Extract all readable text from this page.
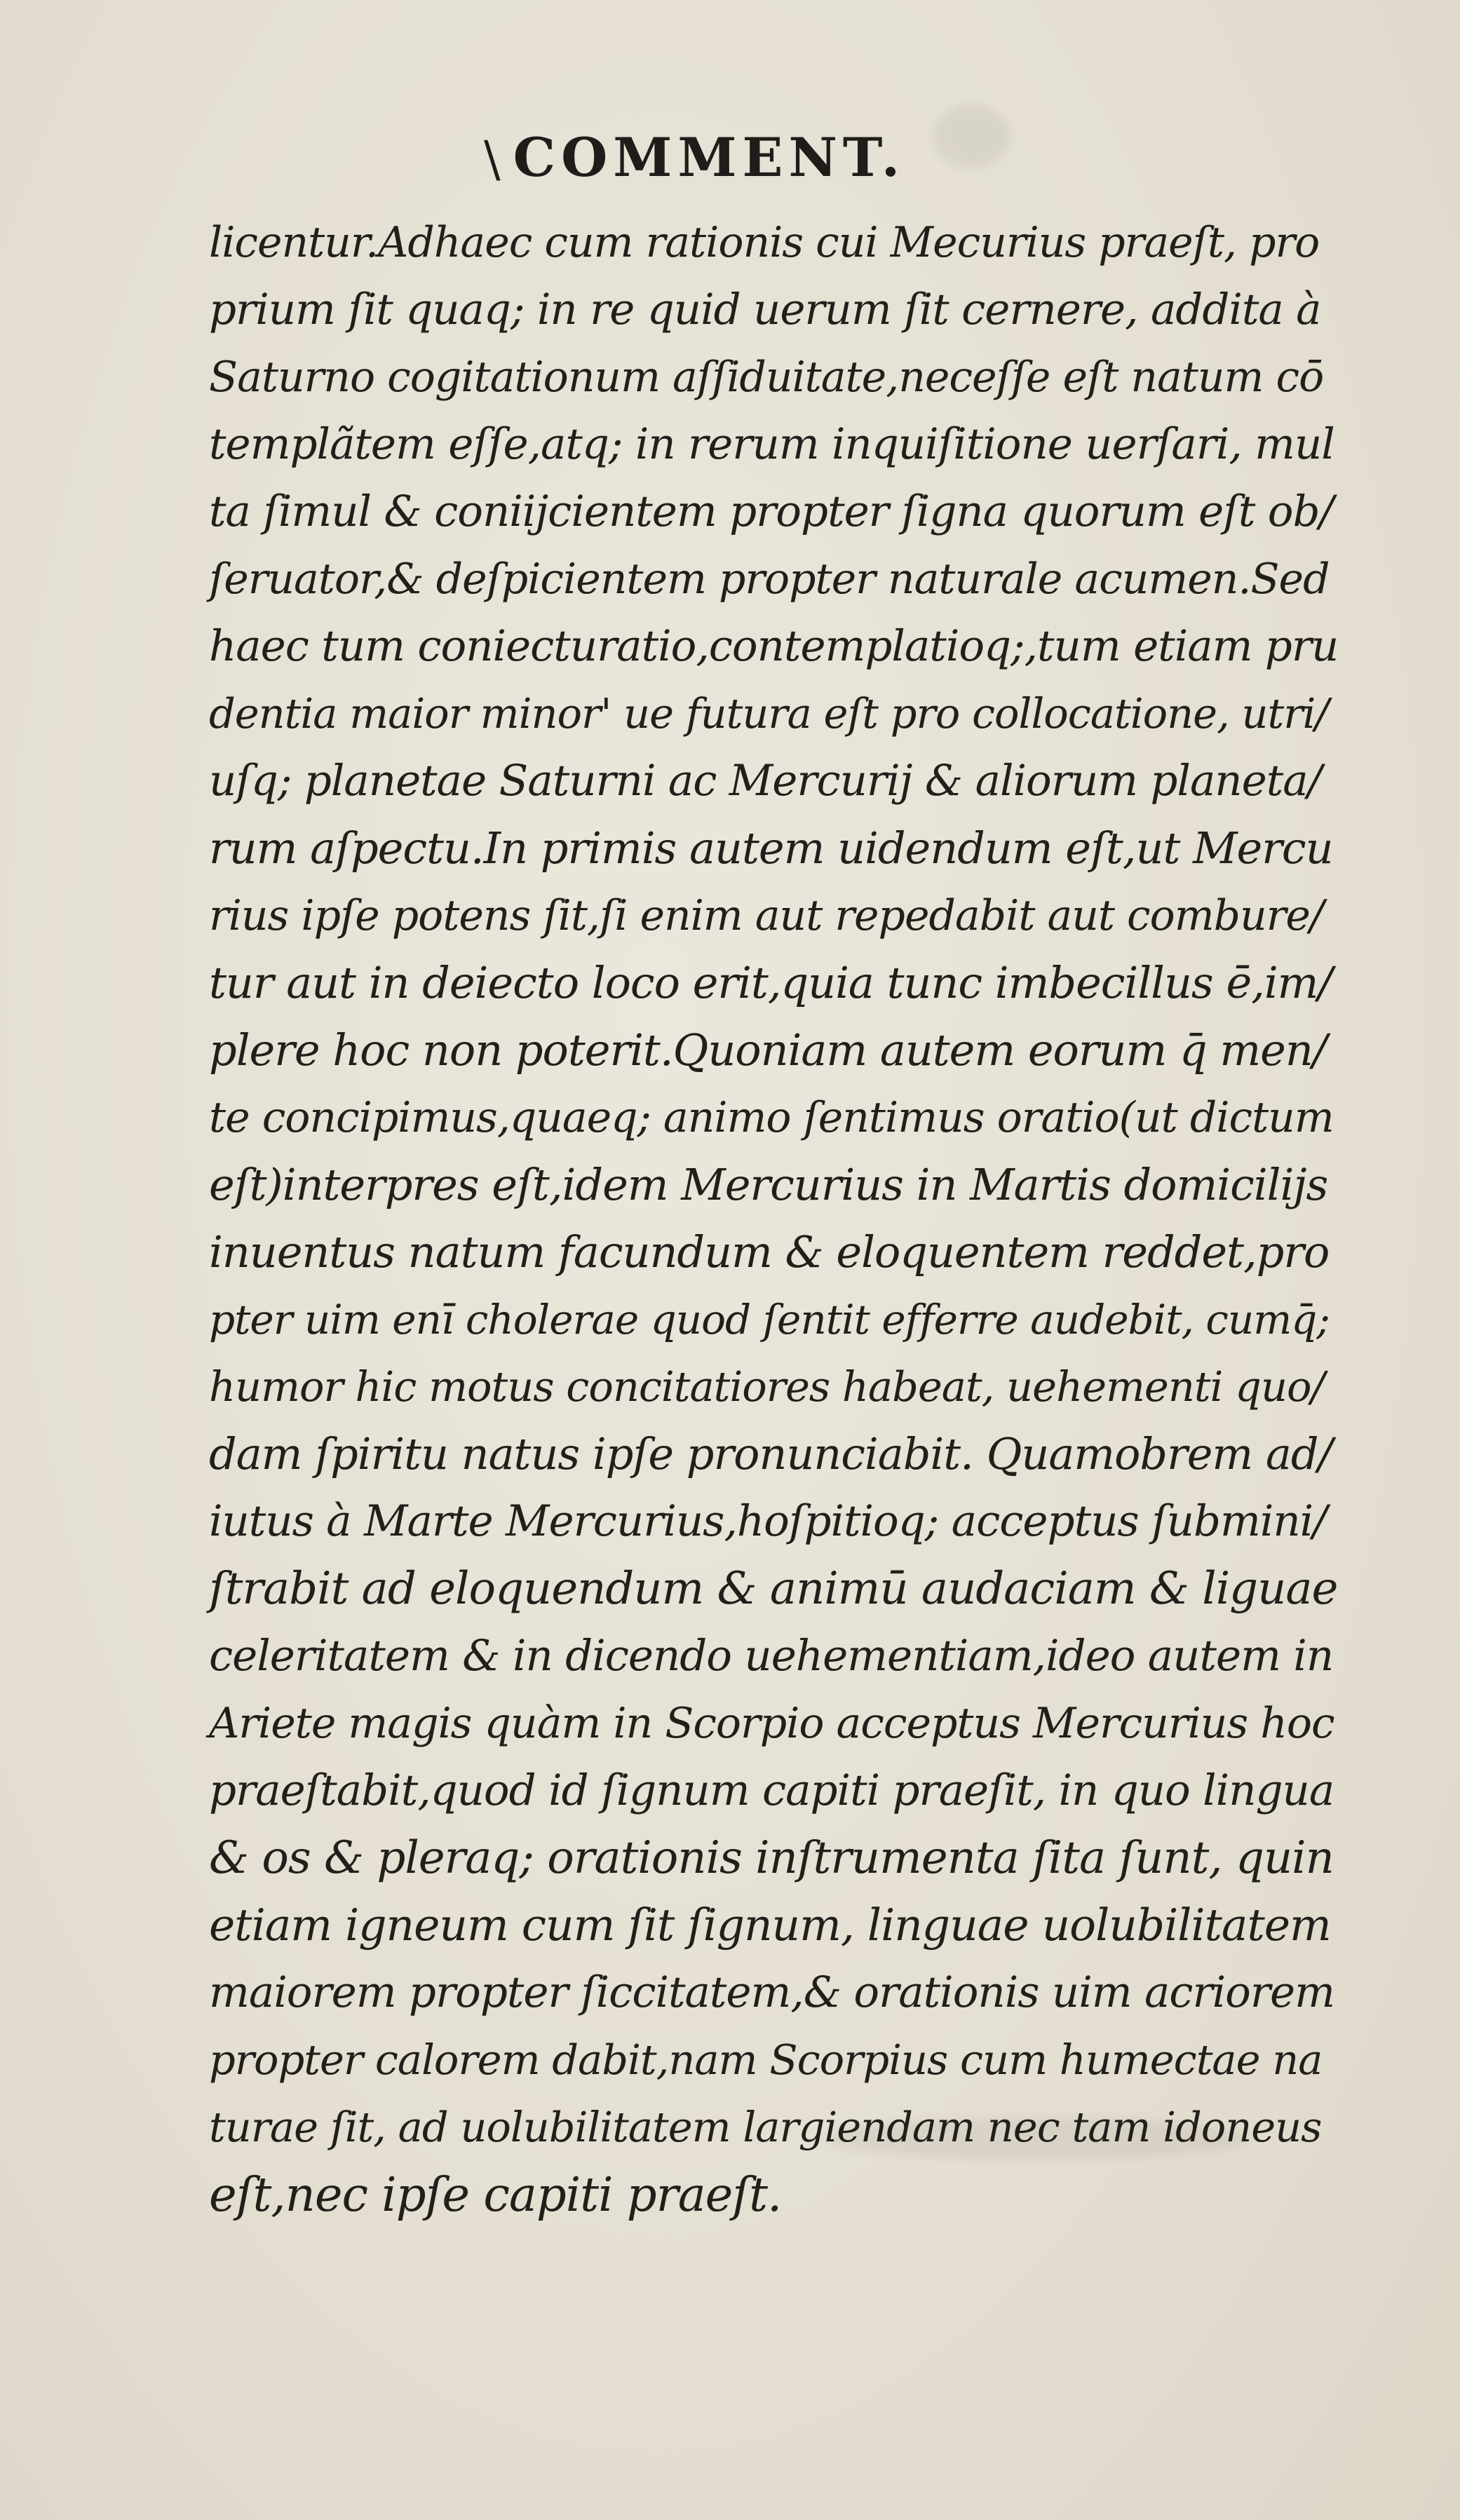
\ COMMENT.
licentur.Adhaec cum rationis cui Mecurius praeſt, pro
prium ſit quaq; in re quid uerum ſit cernere, addita à
Saturno cogitationum aſſiduitate,neceſſe eſt natum cō
templãtem eſſe,atq; in rerum inquiſitione uerſari, mul
ta ſimul & coniijcientem propter ſigna quorum eſt ob/
ſeruator,& deſpicientem propter naturale acumen.Sed
haec tum coniecturatio,contemplatioq;,tum etiam pru
dentia maior minor' ue futura eſt pro collocatione, utri/
uſq; planetae Saturni ac Mercurij & aliorum planeta/
rum aſpectu.In primis autem uidendum eſt,ut Mercu
rius ipſe potens ſit,ſi enim aut repedabit aut combure/
tur aut in deiecto loco erit,quia tunc imbecillus ē,im/
plere hoc non poterit.Quoniam autem eorum q̄ men/
te concipimus,quaeq; animo ſentimus oratio(ut dictum
eſt)interpres eſt,idem Mercurius in Martis domicilijs
inuentus natum facundum & eloquentem reddet,pro
pter uim enī cholerae quod ſentit efferre audebit, cumq̄;
humor hic motus concitatiores habeat, uehementi quo/
dam ſpiritu natus ipſe pronunciabit. Quamobrem ad/
iutus à Marte Mercurius,hoſpitioq; acceptus ſubmini/
ſtrabit ad eloquendum & animū audaciam & liguae
celeritatem & in dicendo uehementiam,ideo autem in
Ariete magis quàm in Scorpio acceptus Mercurius hoc
praeſtabit,quod id ſignum capiti praeſit, in quo lingua
& os & pleraq; orationis inſtrumenta ſita ſunt, quin
etiam igneum cum ſit ſignum, linguae uolubilitatem
maiorem propter ſiccitatem,& orationis uim acriorem
propter calorem dabit,nam Scorpius cum humectae na
turae ſit, ad uolubilitatem largiendam nec tam idoneus
eſt,nec ipſe capiti praeſt.
